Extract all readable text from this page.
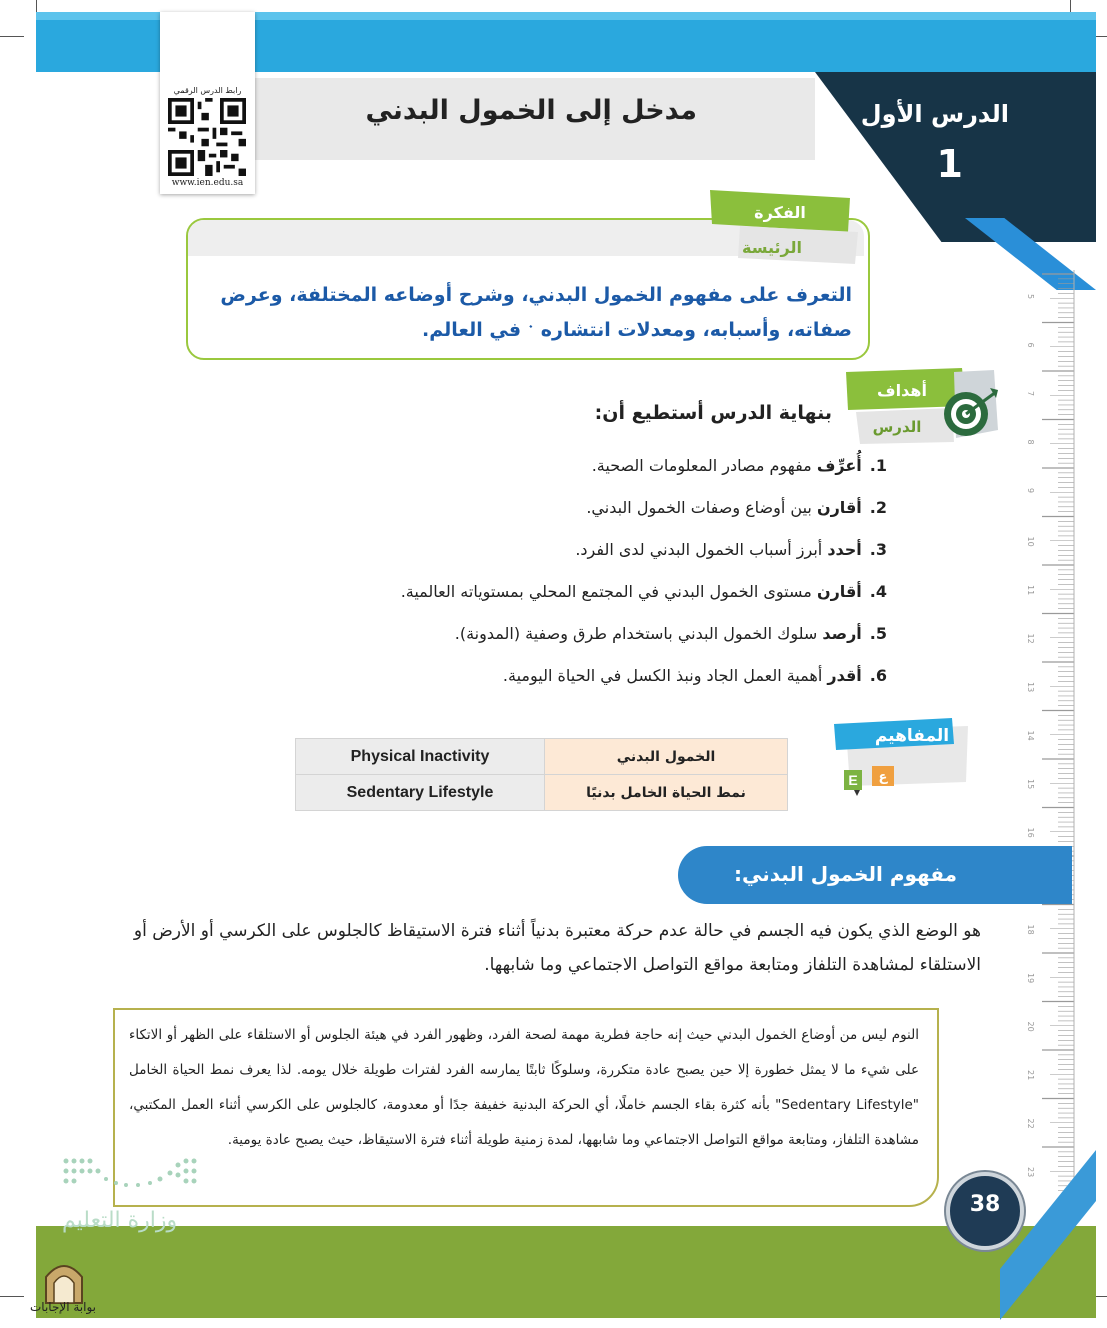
مدخل إلى الخمول البدني	الدرس الأول
1
رابط الدرس الرقمي
www.ien.edu.sa
5
6
7
8
9
10
11
12
13
14
15
16
18
19
20
21
22
23
الفكرة
الرئيسة
التعرف على مفهوم الخمول البدني، وشرح أوضاعه المختلفة، وعرض صفاته، وأسبابه، ومعدلات انتشاره ﮲ في العالم.
أهداف
الدرس
بنهاية الدرس أستطيع أن:
1.أُعرِّف مفهوم مصادر المعلومات الصحية.
2.أقارن بين أوضاع وصفات الخمول البدني.
3.أحدد أبرز أسباب الخمول البدني لدى الفرد.
4.أقارن مستوى الخمول البدني في المجتمع المحلي بمستوياته العالمية.
5.أرصد سلوك الخمول البدني باستخدام طرق وصفية (المدونة).
6.أقدر أهمية العمل الجاد ونبذ الكسل في الحياة اليومية.
المفاهيم
E ع
Physical Inactivity	الخمول البدني
Sedentary Lifestyle	نمط الحياة الخامل بدنيًا
مفهوم الخمول البدني:
هو الوضع الذي يكون فيه الجسم في حالة عدم حركة معتبرة بدنياً أثناء فترة الاستيقاظ كالجلوس على الكرسي أو الأرض أو الاستلقاء لمشاهدة التلفاز ومتابعة مواقع التواصل الاجتماعي وما شابهها.
النوم ليس من أوضاع الخمول البدني حيث إنه حاجة فطرية مهمة لصحة الفرد، وظهور الفرد في هيئة الجلوس أو الاستلقاء على الظهر أو الاتكاء على شيء ما لا يمثل خطورة إلا حين يصبح عادة متكررة، وسلوكًا ثابتًا يمارسه الفرد لفترات طويلة خلال يومه. لذا يعرف نمط الحياة الخامل "Sedentary Lifestyle" بأنه كثرة بقاء الجسم خاملًا، أي الحركة البدنية خفيفة جدًا أو معدومة، كالجلوس على الكرسي أثناء العمل المكتبي، مشاهدة التلفاز، ومتابعة مواقع التواصل الاجتماعي وما شابهها، لمدة زمنية طويلة أثناء فترة الاستيقاظ، حيث يصبح عادة يومية.
38
وزارة التعليم
بوابة الإجابات
